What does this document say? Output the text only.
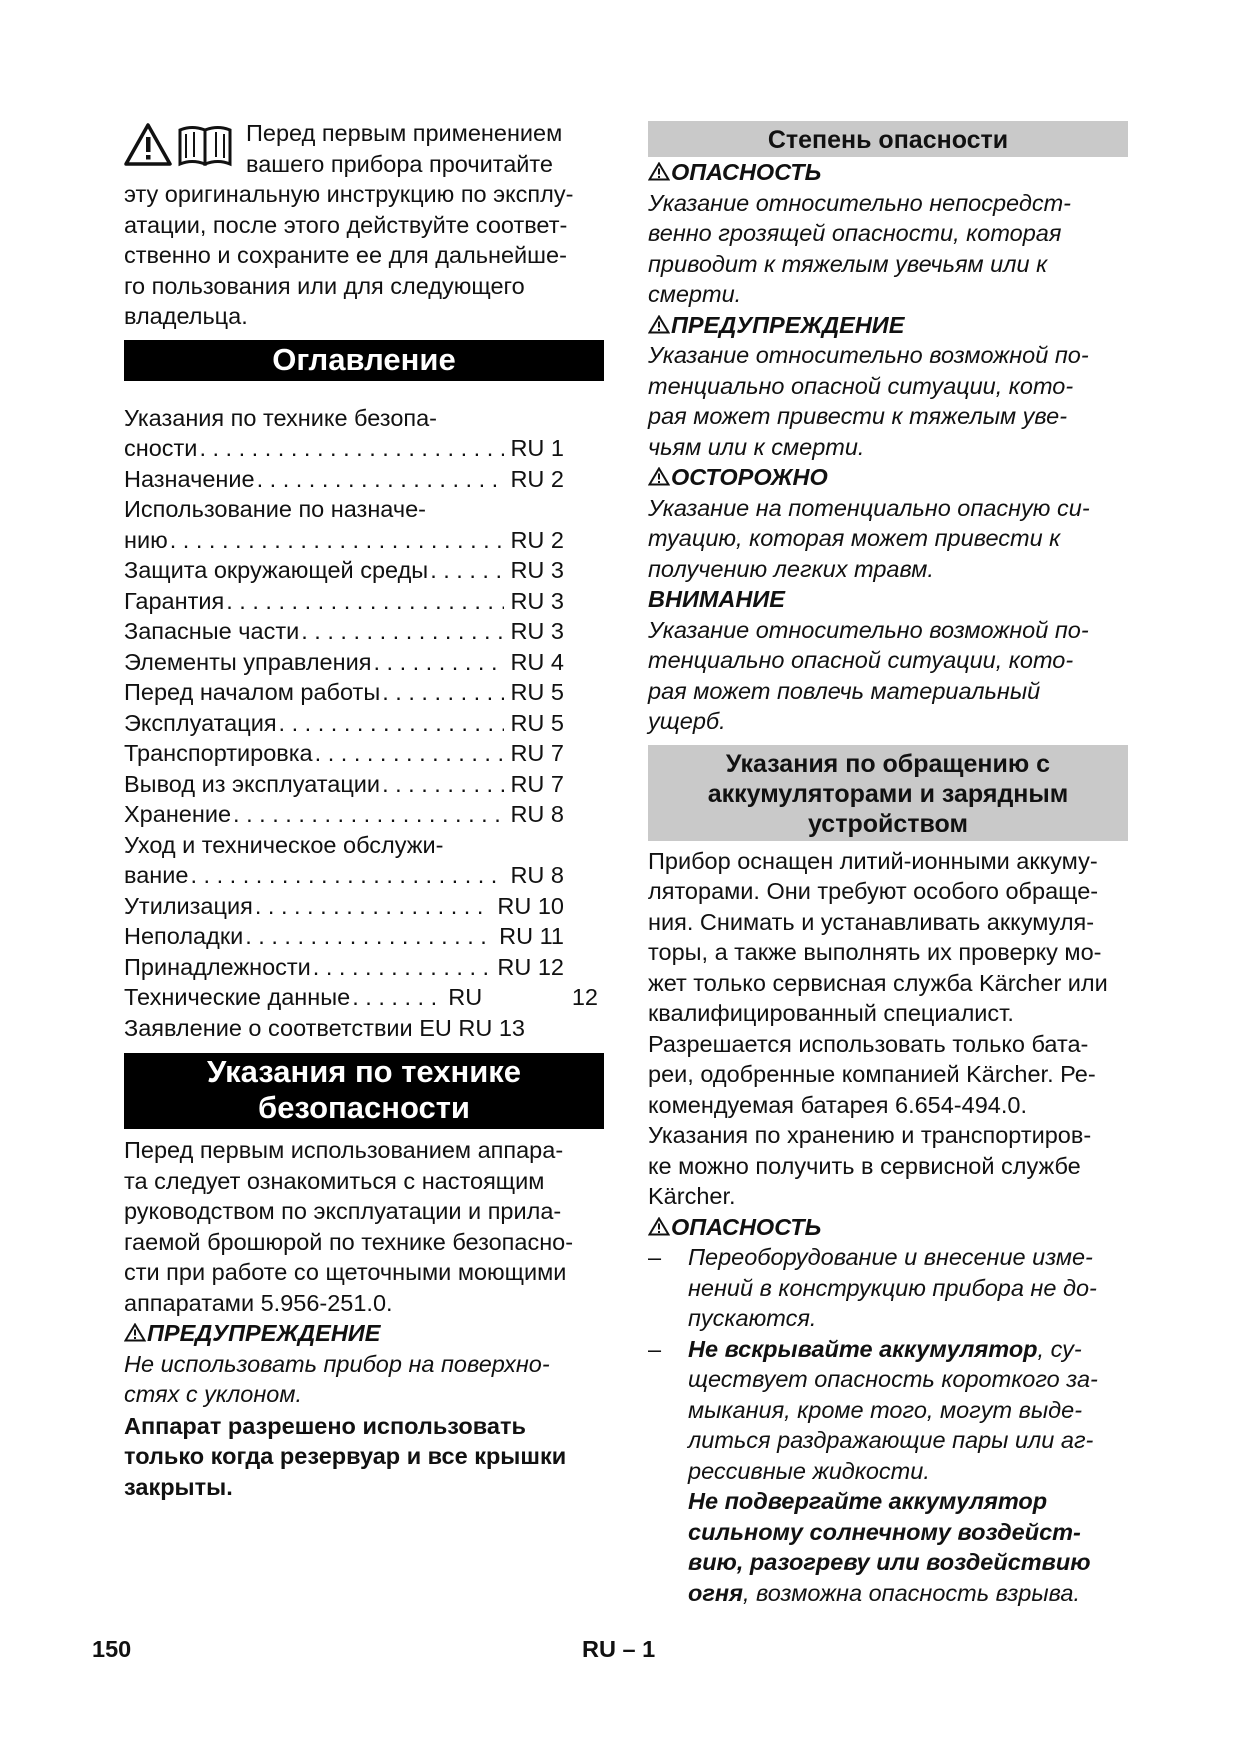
Перед первым применением
вашего прибора прочитайте
эту оригинальную инструкцию по эксплу-
атации, после этого действуйте соответ-
ственно и сохраните ее для дальнейше-
го пользования или для следующего
владельца.
Оглавление
Указания по технике безопа-
сности . . .	RU 1
Назначение . . .	RU 2
Использование по назначе-
нию . . .	RU 2
Защита окружающей среды . . .	RU 3
Гарантия . . .	RU 3
Запасные части . . .	RU 3
Элементы управления . . .	RU 4
Перед началом работы . . .	RU 5
Эксплуатация . . .	RU 5
Транспортировка . . .	RU 7
Вывод из эксплуатации . . .	RU 7
Хранение . . .	RU 8
Уход и техническое обслужи-
вание . . .	RU 8
Утилизация . . .	RU 10
Неполадки . . .	RU 11
Принадлежности . . .	RU 12
Технические данные . . .	RU	12
Заявление о соответствии EU RU 13
Указания по технике
безопасности
Перед первым использованием аппара-
та следует ознакомиться с настоящим
руководством по эксплуатации и прила-
гаемой брошюрой по технике безопасно-
сти при работе со щеточными моющими
аппаратами 5.956-251.0.
ПРЕДУПРЕЖДЕНИЕ
Не использовать прибор на поверхно-
стях с уклоном.
Аппарат разрешено использовать
только когда резервуар и все крышки
закрыты.
Степень опасности
ОПАСНОСТЬ
Указание относительно непосредст-
венно грозящей опасности, которая
приводит к тяжелым увечьям или к
смерти.
ПРЕДУПРЕЖДЕНИЕ
Указание относительно возможной по-
тенциально опасной ситуации, кото-
рая может привести к тяжелым уве-
чьям или к смерти.
ОСТОРОЖНО
Указание на потенциально опасную си-
туацию, которая может привести к
получению легких травм.
ВНИМАНИЕ
Указание относительно возможной по-
тенциально опасной ситуации, кото-
рая может повлечь материальный
ущерб.
Указания по обращению с
аккумуляторами и зарядным
устройством
Прибор оснащен литий-ионными аккуму-
ляторами. Они требуют особого обраще-
ния. Снимать и устанавливать аккумуля-
торы, а также выполнять их проверку мо-
жет только сервисная служба Kärcher или
квалифицированный специалист.
Разрешается использовать только бата-
реи, одобренные компанией Kärcher. Ре-
комендуемая батарея 6.654-494.0.
Указания по хранению и транспортиров-
ке можно получить в сервисной службе
Kärcher.
ОПАСНОСТЬ
– Переоборудование и внесение изме-
нений в конструкцию прибора не до-
пускаются.
– Не вскрывайте аккумулятор, су-
ществует опасность короткого за-
мыкания, кроме того, могут выде-
литься раздражающие пары или аг-
рессивные жидкости.
Не подвергайте аккумулятор
сильному солнечному воздейст-
вию, разогреву или воздействию
огня, возможна опасность взрыва.
150	RU – 1
